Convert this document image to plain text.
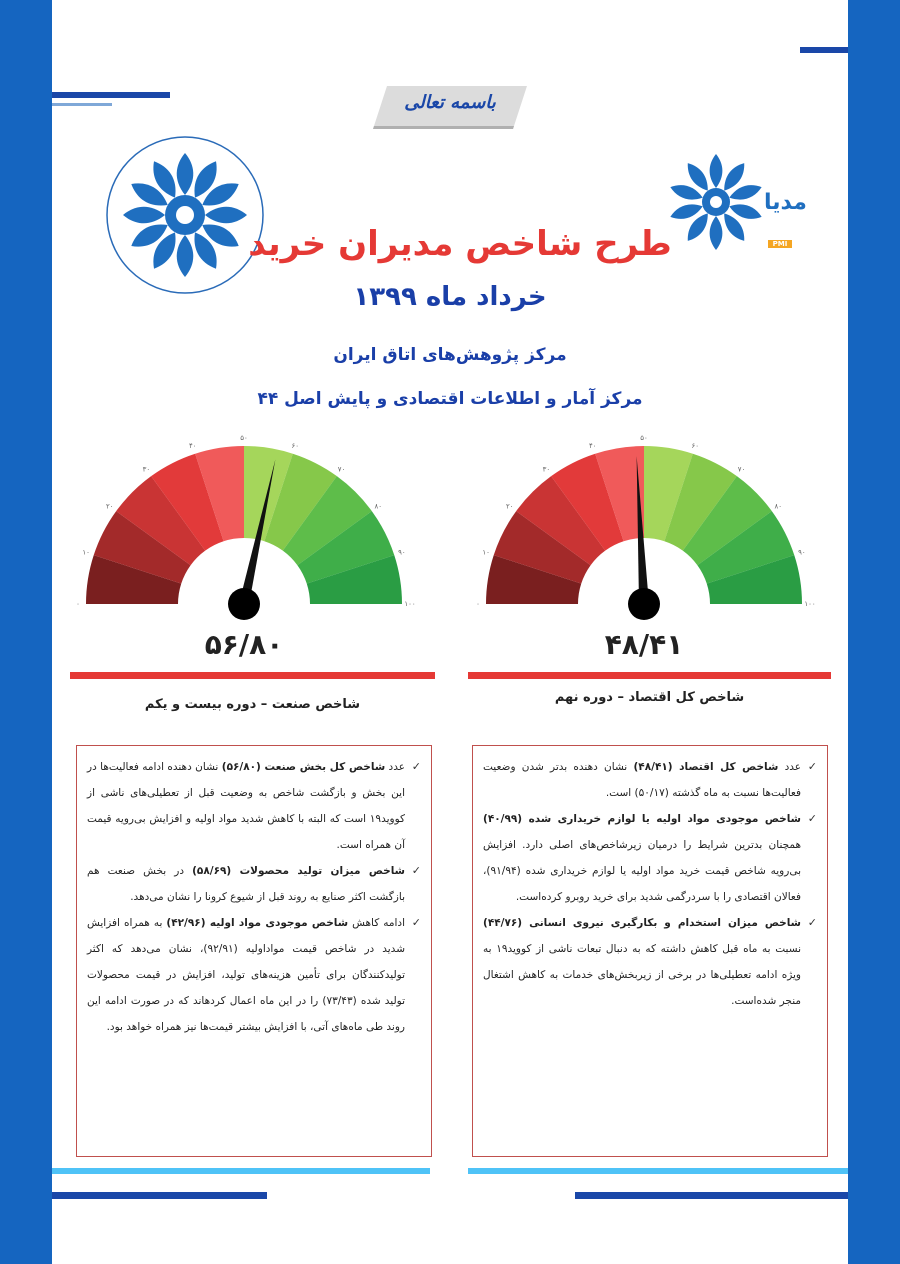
باسمه تعالی
مدیا
PMI
طرح شاخص مدیران خرید
خرداد ماه ۱۳۹۹
مرکز پژوهش‌های اتاق ایران
مرکز آمار و اطلاعات اقتصادی و پایش اصل ۴۴
۰
۱۰
۲۰
۳۰
۴۰
۵۰
۶۰
۷۰
۸۰
۹۰
۱۰۰	۰
۱۰
۲۰
۳۰
۴۰
۵۰
۶۰
۷۰
۸۰
۹۰
۱۰۰
۵۶/۸۰	۴۸/۴۱
شاخص صنعت – دوره بیست و یکم	شاخص کل اقتصاد – دوره نهم
✓
عدد شاخص کل بخش صنعت (۵۶/۸۰) نشان دهنده ادامه فعالیت‌ها در این بخش و بازگشت شاخص به وضعیت قبل از تعطیلی‌های ناشی از کووید۱۹ است که البته با کاهش شدید مواد اولیه و افزایش بی‌رویه قیمت آن همراه است.
✓
شاخص میزان تولید محصولات (۵۸/۶۹) در بخش صنعت هم بازگشت اکثر صنایع به روند قبل از شیوع کرونا را نشان می‌دهد.
✓
ادامه کاهش شاخص موجودی مواد اولیه (۴۲/۹۶) به همراه افزایش شدید در شاخص قیمت مواداولیه (۹۲/۹۱)، نشان می‌دهد که اکثر تولیدکنندگان برای تأمین هزینه‌های تولید، افزایش در قیمت محصولات تولید شده (۷۳/۴۳) را در این ماه اعمال کردهاند که در صورت ادامه این روند طی ماه‌های آتی، با افزایش بیشتر قیمت‌ها نیز همراه خواهد بود.
✓
عدد شاخص کل اقتصاد (۴۸/۴۱) نشان دهنده بدتر شدن وضعیت فعالیت‌ها نسبت به ماه گذشته (۵۰/۱۷) است.
✓
شاخص موجودی مواد اولیه یا لوازم خریداری شده (۴۰/۹۹) همچنان بدترین شرایط را درمیان زیرشاخص‌های اصلی دارد. افزایش بی‌رویه شاخص قیمت خرید مواد اولیه یا لوازم خریداری شده (۹۱/۹۴)، فعالان اقتصادی را با سردرگمی شدید برای خرید روبرو کرده‌است.
✓
شاخص میزان استخدام و بکارگیری نیروی انسانی (۴۴/۷۶) نسبت به ماه قبل کاهش داشته که به دنبال تبعات ناشی از کووید۱۹ به ویژه ادامه تعطیلی‌ها در برخی از زیربخش‌های خدمات به کاهش اشتغال منجر شده‌است.
